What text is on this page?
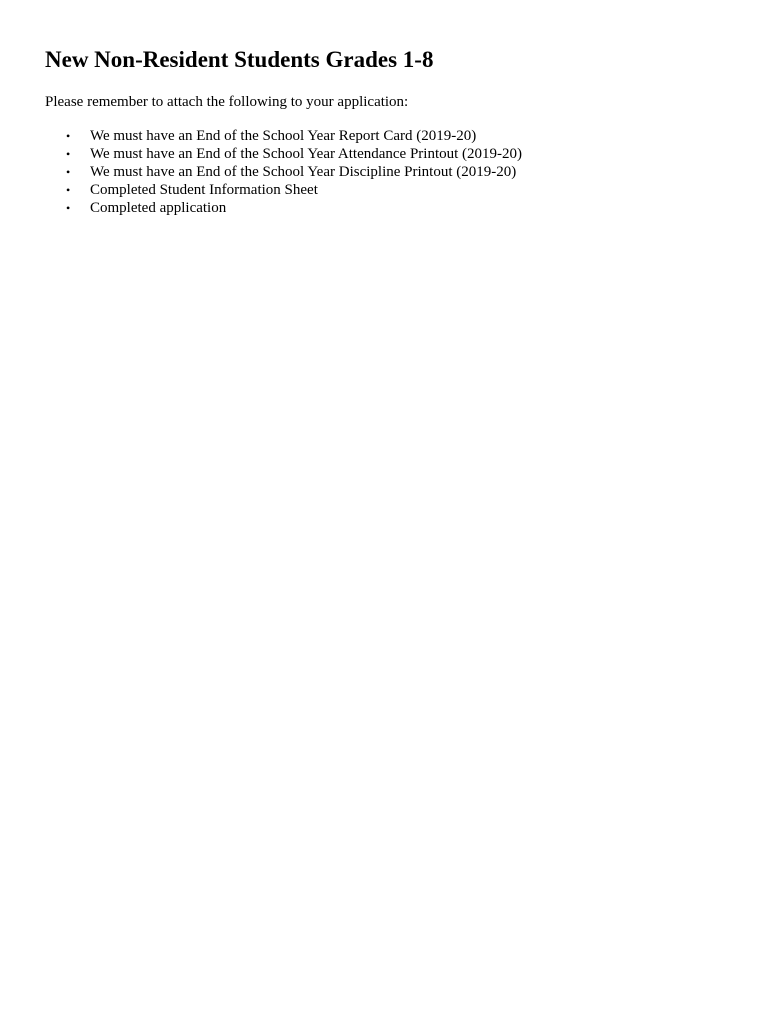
New Non-Resident Students Grades 1-8

Please remember to attach the following to your application:

• We must have an End of the School Year Report Card (2019-20)
• We must have an End of the School Year Attendance Printout (2019-20)
• We must have an End of the School Year Discipline Printout (2019-20)
• Completed Student Information Sheet
• Completed application
